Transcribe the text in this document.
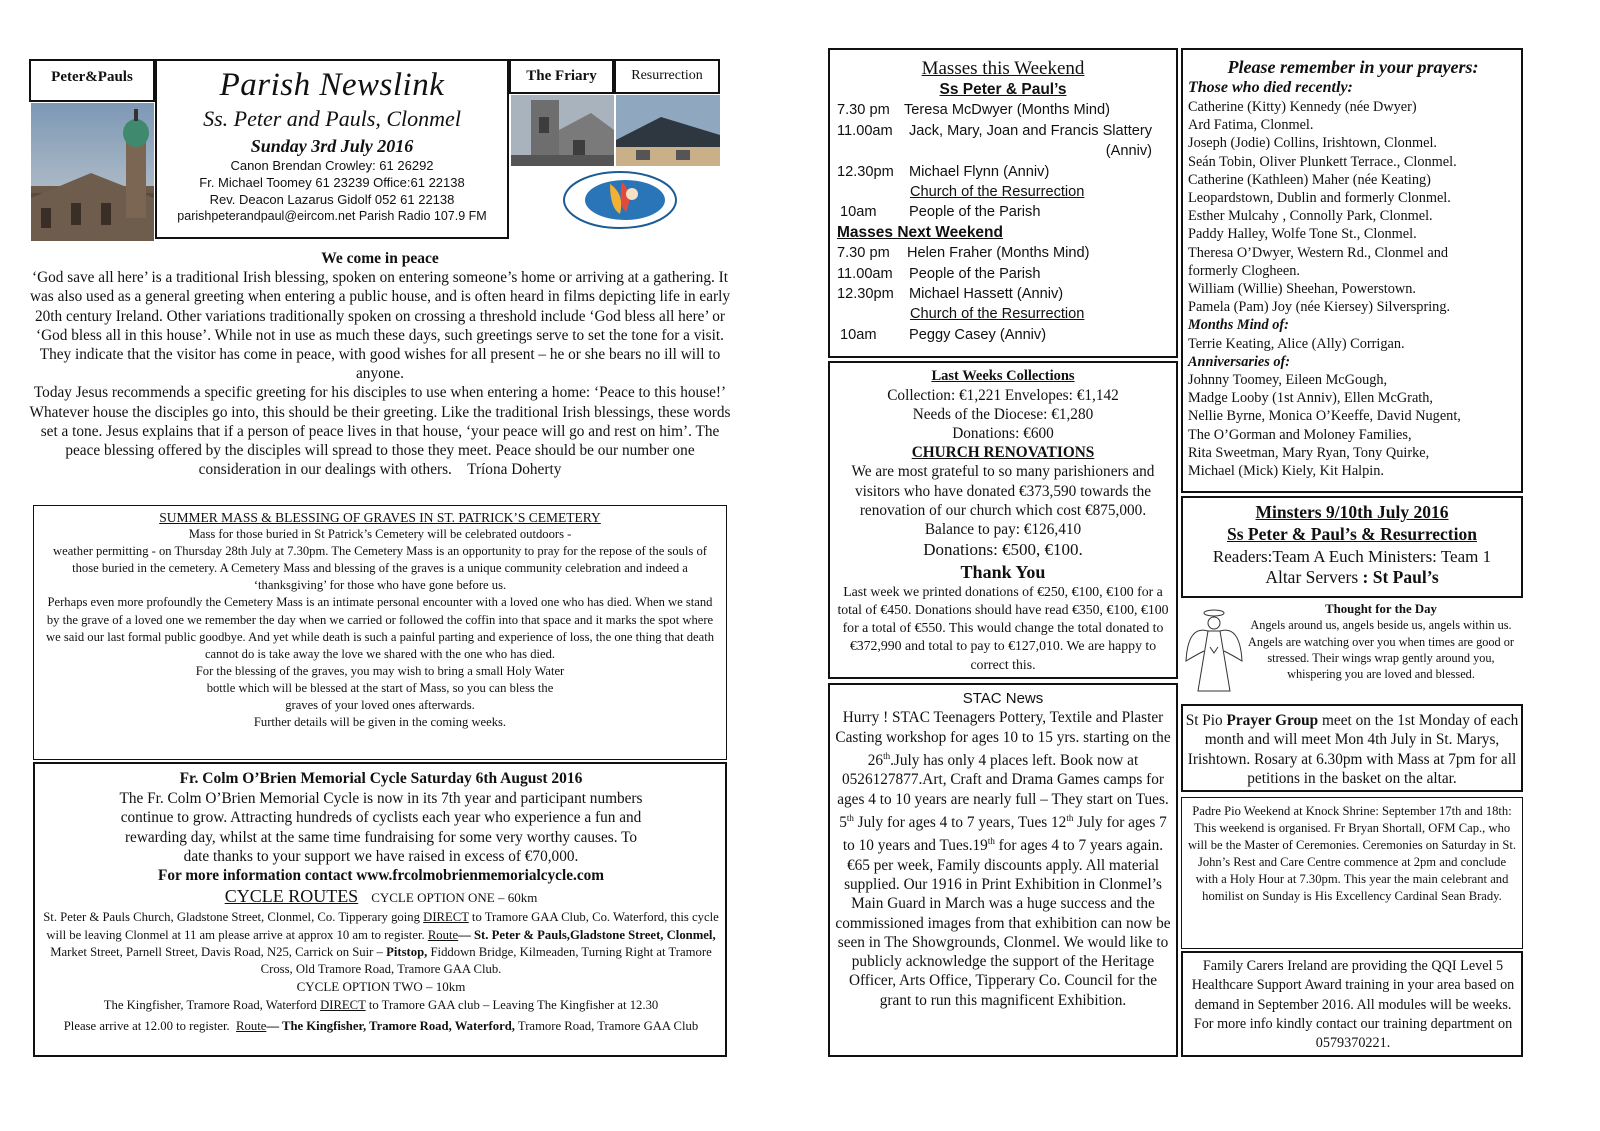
Peter&Pauls	Parish Newslink
Ss. Peter and Pauls, Clonmel
Sunday 3rd July 2016
Canon Brendan Crowley: 61 26292
Fr. Michael Toomey 61 23239 Office:61 22138
Rev. Deacon Lazarus Gidolf 052 61 22138
parishpeterandpaul@eircom.net Parish Radio 107.9 FM
The Friary	Resurrection
We come in peace

‘God save all here’ is a traditional Irish blessing, spoken on entering someone’s home or arriving at a gathering. It was also used as a general greeting when entering a public house, and is often heard in films depicting life in early 20th century Ireland. Other variations traditionally spoken on crossing a threshold include ‘God bless all here’ or ‘God bless all in this house’. While not in use as much these days, such greetings serve to set the tone for a visit. They indicate that the visitor has come in peace, with good wishes for all present – he or she bears no ill will to anyone.

Today Jesus recommends a specific greeting for his disciples to use when entering a home: ‘Peace to this house!’ Whatever house the disciples go into, this should be their greeting. Like the traditional Irish blessings, these words set a tone. Jesus explains that if a person of peace lives in that house, ‘your peace will go and rest on him’. The peace blessing offered by the disciples will spread to those they meet. Peace should be our number one consideration in our dealings with others. Tríona Doherty

SUMMER MASS & BLESSING OF GRAVES IN ST. PATRICK’S CEMETERY

Mass for those buried in St Patrick’s Cemetery will be celebrated outdoors -

weather permitting - on Thursday 28th July at 7.30pm. The Cemetery Mass is an opportunity to pray for the repose of the souls of those buried in the cemetery. A Cemetery Mass and blessing of the graves is a unique community celebration and indeed a ‘thanksgiving’ for those who have gone before us.

Perhaps even more profoundly the Cemetery Mass is an intimate personal encounter with a loved one who has died. When we stand by the grave of a loved one we remember the day when we carried or followed the coffin into that space and it marks the spot where we said our last formal public goodbye. And yet while death is such a painful parting and experience of loss, the one thing that death cannot do is take away the love we shared with the one who has died.

For the blessing of the graves, you may wish to bring a small Holy Water bottle which will be blessed at the start of Mass, so you can bless the graves of your loved ones afterwards.

Further details will be given in the coming weeks.

Fr. Colm O’Brien Memorial Cycle Saturday 6th August 2016

The Fr. Colm O’Brien Memorial Cycle is now in its 7th year and participant numbers continue to grow. Attracting hundreds of cyclists each year who experience a fun and rewarding day, whilst at the same time fundraising for some very worthy causes. To date thanks to your support we have raised in excess of €70,000.

For more information contact www.frcolmobrienmemorialcycle.com

CYCLE ROUTES CYCLE OPTION ONE – 60km

St. Peter & Pauls Church, Gladstone Street, Clonmel, Co. Tipperary going DIRECT to Tramore GAA Club, Co. Waterford, this cycle will be leaving Clonmel at 11 am please arrive at approx 10 am to register. Route— St. Peter & Pauls,Gladstone Street, Clonmel, Market Street, Parnell Street, Davis Road, N25, Carrick on Suir – Pitstop, Fiddown Bridge, Kilmeaden, Turning Right at Tramore Cross, Old Tramore Road, Tramore GAA Club.

CYCLE OPTION TWO – 10km

The Kingfisher, Tramore Road, Waterford DIRECT to Tramore GAA club – Leaving The Kingfisher at 12.30
Please arrive at 12.00 to register. Route— The Kingfisher, Tramore Road, Waterford, Tramore Road, Tramore GAA Club

Masses this Weekend
Ss Peter & Paul’s
7.30 pm Teresa McDwyer (Months Mind)
11.00am	Jack, Mary, Joan and Francis Slattery
(Anniv)
12.30pm	Michael Flynn (Anniv)
Church of the Resurrection
10am	People of the Parish
Masses Next Weekend
7.30 pm	Helen Fraher (Months Mind)
11.00am	People of the Parish
12.30pm	Michael Hassett (Anniv)
Church of the Resurrection
10am	Peggy Casey (Anniv)
Last Weeks Collections
Collection: €1,221 Envelopes: €1,142
Needs of the Diocese: €1,280
Donations: €600
CHURCH RENOVATIONS
We are most grateful to so many parishioners and visitors who have donated €373,590 towards the renovation of our church which cost €875,000. Balance to pay: €126,410
Donations: €500, €100.
Thank You
Last week we printed donations of €250, €100, €100 for a total of €450. Donations should have read €350, €100, €100 for a total of €550. This would change the total donated to €372,990 and total to pay to €127,010. We are happy to correct this.
STAC News

Hurry ! STAC Teenagers Pottery, Textile and Plaster Casting workshop for ages 10 to 15 yrs. starting on the 26th.July has only 4 places left. Book now at 0526127877.Art, Craft and Drama Games camps for ages 4 to 10 years are nearly full – They start on Tues. 5th July for ages 4 to 7 years, Tues 12th July for ages 7 to 10 years and Tues.19th for ages 4 to 7 years again. €65 per week, Family discounts apply. All material supplied. Our 1916 in Print Exhibition in Clonmel’s Main Guard in March was a huge success and the commissioned images from that exhibition can now be seen in The Showgrounds, Clonmel. We would like to publicly acknowledge the support of the Heritage Officer, Arts Office, Tipperary Co. Council for the grant to run this magnificent Exhibition.

Please remember in your prayers:
Those who died recently:
Catherine (Kitty) Kennedy (née Dwyer)
Ard Fatima, Clonmel.
Joseph (Jodie) Collins, Irishtown, Clonmel.
Seán Tobin, Oliver Plunkett Terrace., Clonmel.
Catherine (Kathleen) Maher (née Keating)
Leopardstown, Dublin and formerly Clonmel.
Esther Mulcahy , Connolly Park, Clonmel.
Paddy Halley, Wolfe Tone St., Clonmel.
Theresa O’Dwyer, Western Rd., Clonmel and
formerly Clogheen.
William (Willie) Sheehan, Powerstown.
Pamela (Pam) Joy (née Kiersey) Silverspring.
Months Mind of:
Terrie Keating, Alice (Ally) Corrigan.
Anniversaries of:
Johnny Toomey, Eileen McGough,
Madge Looby (1st Anniv), Ellen McGrath,
Nellie Byrne, Monica O’Keeffe, David Nugent,
The O’Gorman and Moloney Families,
Rita Sweetman, Mary Ryan, Tony Quirke,
Michael (Mick) Kiely, Kit Halpin.
Minsters 9/10th July 2016
Ss Peter & Paul’s & Resurrection
Readers:Team A Euch Ministers: Team 1
Altar Servers : St Paul’s
Thought for the Day
Angels around us, angels beside us, angels within us. Angels are watching over you when times are good or stressed. Their wings wrap gently around you, whispering you are loved and blessed.
St Pio Prayer Group meet on the 1st Monday of each month and will meet Mon 4th July in St. Marys, Irishtown. Rosary at 6.30pm with Mass at 7pm for all petitions in the basket on the altar.
Padre Pio Weekend at Knock Shrine: September 17th and 18th: This weekend is organised. Fr Bryan Shortall, OFM Cap., who will be the Master of Ceremonies. Ceremonies on Saturday in St. John’s Rest and Care Centre commence at 2pm and conclude with a Holy Hour at 7.30pm. This year the main celebrant and homilist on Sunday is His Excellency Cardinal Sean Brady.
Family Carers Ireland are providing the QQI Level 5 Healthcare Support Award training in your area based on demand in September 2016. All modules will be weeks. For more info kindly contact our training department on 0579370221.
